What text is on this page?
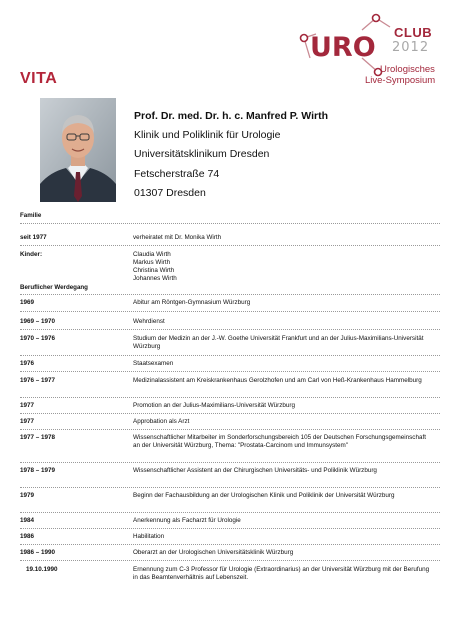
URO CLUB
2012
Urologisches
Live-Symposium
VITA
Prof. Dr. med. Dr. h. c. Manfred P. Wirth
Klinik und Poliklinik für Urologie
Universitätsklinikum Dresden
Fetscherstraße 74
01307 Dresden
Familie
seit 1977	verheiratet mit Dr. Monika Wirth
Kinder:	Claudia Wirth
Markus Wirth
Christina Wirth
Johannes Wirth
Beruflicher Werdegang
1969	Abitur am Röntgen-Gymnasium Würzburg
1969 – 1970	Wehrdienst
1970 – 1976	Studium der Medizin an der J.-W. Goethe Universität Frankfurt und an der Julius-Maximilians-Universität Würzburg
1976	Staatsexamen
1976 – 1977	Medizinalassistent am Kreiskrankenhaus Gerolzhofen und am Carl von Heß-Krankenhaus Hammelburg
1977	Promotion an der Julius-Maximilians-Universität Würzburg
1977	Approbation als Arzt
1977 – 1978	Wissenschaftlicher Mitarbeiter im Sonderforschungsbereich 105 der Deutschen Forschungsgemeinschaft an der Universität Würzburg, Thema: "Prostata-Carcinom und Immunsystem"
1978 – 1979	Wissenschaftlicher Assistent an der Chirurgischen Universitäts- und Poliklinik Würzburg
1979	Beginn der Fachausbildung an der Urologischen Klinik und Poliklinik der Universität Würzburg
1984	Anerkennung als Facharzt für Urologie
1986	Habilitation
1986 – 1990	Oberarzt an der Urologischen Universitätsklinik Würzburg
19.10.1990	Ernennung zum C-3 Professor für Urologie (Extraordinarius) an der Universität Würzburg mit der Berufung in das Beamtenverhältnis auf Lebenszeit.
